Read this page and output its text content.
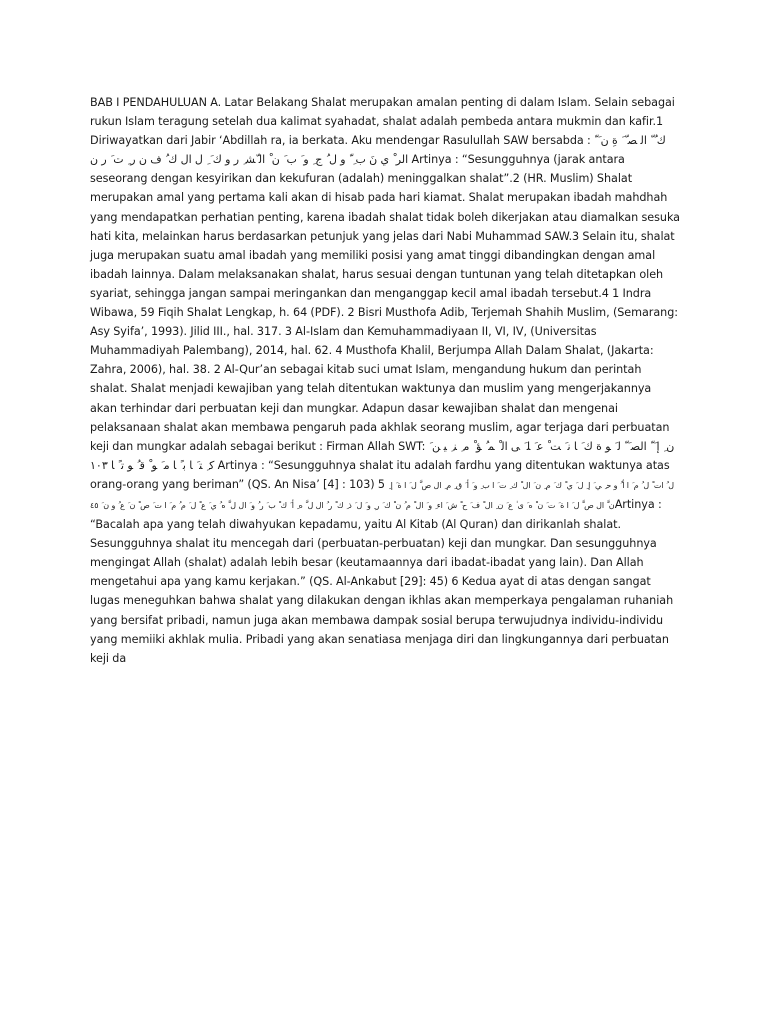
BAB I PENDAHULUAN A. Latar Belakang Shalat merupakan amalan penting di dalam Islam. Selain sebagai rukun Islam teragung setelah dua kalimat syahadat, shalat adalah pembeda antara mukmin dan kafir.1 Diriwayatkan dari Jabir ‘Abdillah ra, ia berkata. Aku mendengar Rasulullah SAW bersabda : ﻙ ُ ّ ﺍﻟ ﺼ ّ َ ﺓِ ﻥ َ ّ ﺍﻟﺮ ْ ﻱ ﻥَ ﺏ ِ ّ ﻭ ﻝ ُ ﺝ ِ ﻭ َ ﺏ َ ﻥ ْ ﺍﻟ ّﺸ ِ ﺭ ﻭ ﻙ َ ِ ﻝ ﺍﻝ ﻙ ُ ﻑ ﻥ ﺭ ِ ﺕ َ ﺭ ﻥ Artinya : “Sesungguhnya (jarak antara seseorang dengan kesyirikan dan kekufuran (adalah) meninggalkan shalat”.2 (HR. Muslim) Shalat merupakan amal yang pertama kali akan di hisab pada hari kiamat. Shalat merupakan ibadah mahdhah yang mendapatkan perhatian penting, karena ibadah shalat tidak boleh dikerjakan atau diamalkan sesuka hati kita, melainkan harus berdasarkan petunjuk yang jelas dari Nabi Muhammad SAW.3 Selain itu, shalat juga merupakan suatu amal ibadah yang memiliki posisi yang amat tinggi dibandingkan dengan amal ibadah lainnya. Dalam melaksanakan shalat, harus sesuai dengan tuntunan yang telah ditetapkan oleh syariat, sehingga jangan sampai meringankan dan menganggap kecil amal ibadah tersebut.4 1 Indra Wibawa, 59 Fiqih Shalat Lengkap, h. 64 (PDF). 2 Bisri Musthofa Adib, Terjemah Shahih Muslim, (Semarang: Asy Syifa’, 1993). Jilid III., hal. 317. 3 Al-Islam dan Kemuhammadiyaan II, VI, IV, (Universitas Muhammadiyah Palembang), 2014, hal. 62. 4 Musthofa Khalil, Berjumpa Allah Dalam Shalat, (Jakarta: Zahra, 2006), hal. 38. 2 Al-Qur’an sebagai kitab suci umat Islam, mengandung hukum dan perintah shalat. Shalat menjadi kewajiban yang telah ditentukan waktunya dan muslim yang mengerjakannya akan terhindar dari perbuatan keji dan mungkar. Adapun dasar kewajiban shalat dan mengenai pelaksanaan shalat akan membawa pengaruh pada akhlak seorang muslim, agar terjaga dari perbuatan keji dan mungkar adalah sebagai berikut : Firman Allah SWT: ﻥ ِ ﺇ َ ّ ﺍﻟﺼ َ ّ ﻟ َ ﻮ ﺓ ﻙ َ ﺎ ﻧ َ ﺖ ْ ﻋ َ ﻠ َ ﻰ ﺍﻟ ْ ﻤ ُ ﺆ ْ ﻣ ِ ﻨ ِ ﻴ ﻦ َ ﻛ ِ ﺘ َ ﺎ ﺑ ً ﺎ ﻣ َ ﻮ ْ ﻗ ُ ﻮ ﺗ ً ﺎ ١٠٣ Artinya : “Sesungguhnya shalat itu adalah fardhu yang ditentukan waktunya atas orang-orang yang beriman” (QS. An Nisa’ [4] : 103) 5 ﻝ ُ ﺍﺕ ْ ﻝ ُ ﻡ َ ﺍ ﺃ ُ ﻭ ﺣ ِ ﻲ َ ﺇ ِ ﻝ َ ﻱ ْ ﻙ َ ﻡ ِ ﻥ َ ﺍﻝ ْ ﻙ ِ ﺕ َ ﺍ ﺏ ِ ﻭ َ ﺃ َ ﻕ ِ ﻡ ِ ﺍﻝ ﺹ َّ ﻝ َ ﺍ ﺓ َ ﺇ ِ ﻥ َّ ﺍﻝ ﺹ َّ ﻝ َ ﺍ ﺓ َ ﺕ َ ﻥ ْ ﻩ َ ﻯ ٰ ﻉ َ ﻥ ِ ﺍﻝ ْ ﻑ َ ﺡ ْ ﺵ َ ﺍﺀ ِ ﻭ َ ﺍﻝ ْ ﻡ ُ ﻥ ْ ﻙ َ ﺭ ِ ﻭ َ ﻝ َ ﺫ ِ ﻙ ْ ﺭ ُ ﺍﻝ ﻝ َّ ﻩ ِ ﺃ َ ﻙ ْ ﺏ َ ﺭ ُ ﻭ َ ﺍﻝ ﻝ َّ ﻩ ُ ﻱ َ ﻉ ْ ﻝ َ ﻡ ُ ﻡ َ ﺍ ﺕ َ ﺹ ْ ﻥ َ ﻉ ُ ﻭ ﻥ َ ٤٥Artinya : “Bacalah apa yang telah diwahyukan kepadamu, yaitu Al Kitab (Al Quran) dan dirikanlah shalat. Sesungguhnya shalat itu mencegah dari (perbuatan-perbuatan) keji dan mungkar. Dan sesungguhnya mengingat Allah (shalat) adalah lebih besar (keutamaannya dari ibadat-ibadat yang lain). Dan Allah mengetahui apa yang kamu kerjakan.” (QS. Al-Ankabut [29]: 45) 6 Kedua ayat di atas dengan sangat lugas meneguhkan bahwa shalat yang dilakukan dengan ikhlas akan memperkaya pengalaman ruhaniah yang bersifat pribadi, namun juga akan membawa dampak sosial berupa terwujudnya individu-individu yang memiiki akhlak mulia. Pribadi yang akan senatiasa menjaga diri dan lingkungannya dari perbuatan keji da
